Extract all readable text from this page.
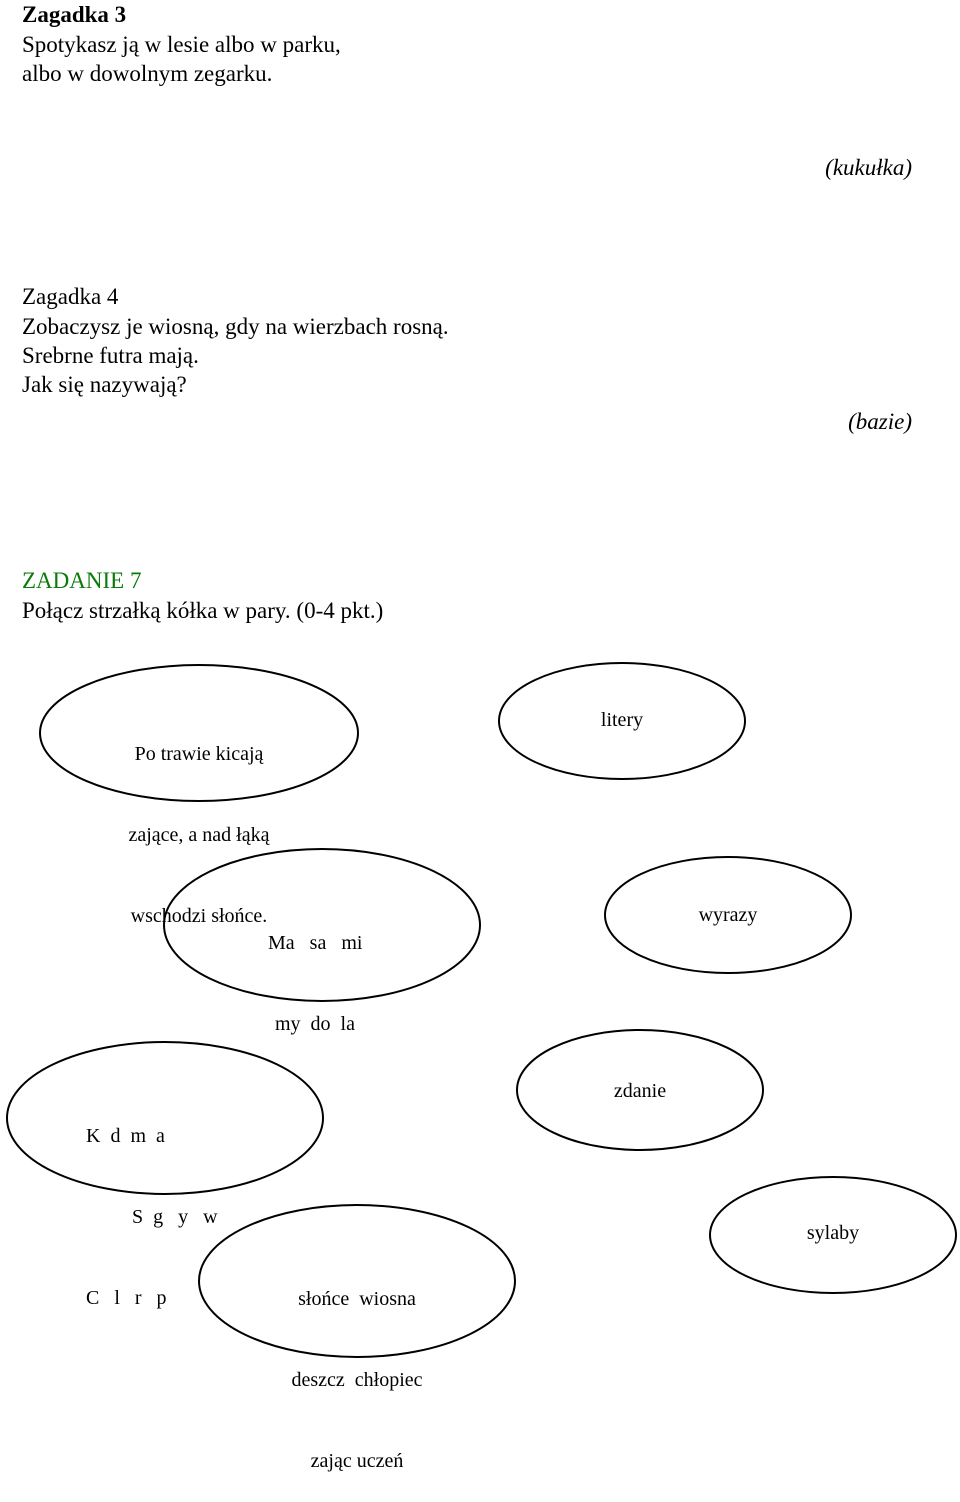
Zagadka 3
Spotykasz ją w lesie albo w parku,
albo w dowolnym zegarku.
(kukułka)
Zagadka 4
Zobaczysz je wiosną, gdy na wierzbach rosną.
Srebrne futra mają.
Jak się nazywają?
(bazie)
ZADANIE 7
Połącz strzałką kółka w pary. (0-4 pkt.)

Po trawie kicają

zające, a nad łąką

wschodzi słońce.

litery

Ma   sa   mi

my  do  la

wyrazy

K  d  m  a

S  g   y   w

C   l   r   p

zdanie

słońce  wiosna

deszcz  chłopiec

zając uczeń

sylaby
